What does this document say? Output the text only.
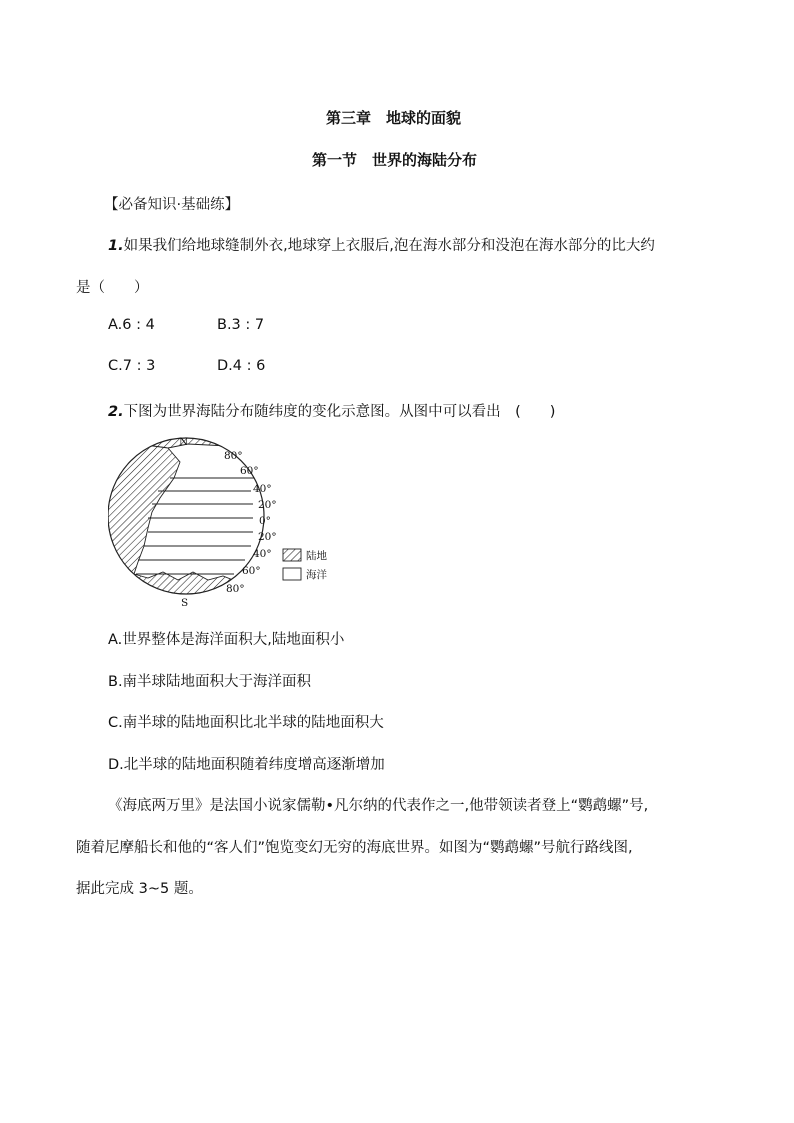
第三章　地球的面貌
第一节　世界的海陆分布
【必备知识·基础练】
1.如果我们给地球缝制外衣,地球穿上衣服后,泡在海水部分和没泡在海水部分的比大约
是（　　）
A.6 : 4	B.3 : 7
C.7 : 3	D.4 : 6
2.下图为世界海陆分布随纬度的变化示意图。从图中可以看出　(　　)
N
S
80°
60°
40°
20°
0°
20°
40°
60°
80°
陆地
海洋
A.世界整体是海洋面积大,陆地面积小
B.南半球陆地面积大于海洋面积
C.南半球的陆地面积比北半球的陆地面积大
D.北半球的陆地面积随着纬度增高逐渐增加
《海底两万里》是法国小说家儒勒•凡尔纳的代表作之一,他带领读者登上“鹦鹉螺”号,
随着尼摩船长和他的“客人们”饱览变幻无穷的海底世界。如图为“鹦鹉螺”号航行路线图,
据此完成 3~5 题。
